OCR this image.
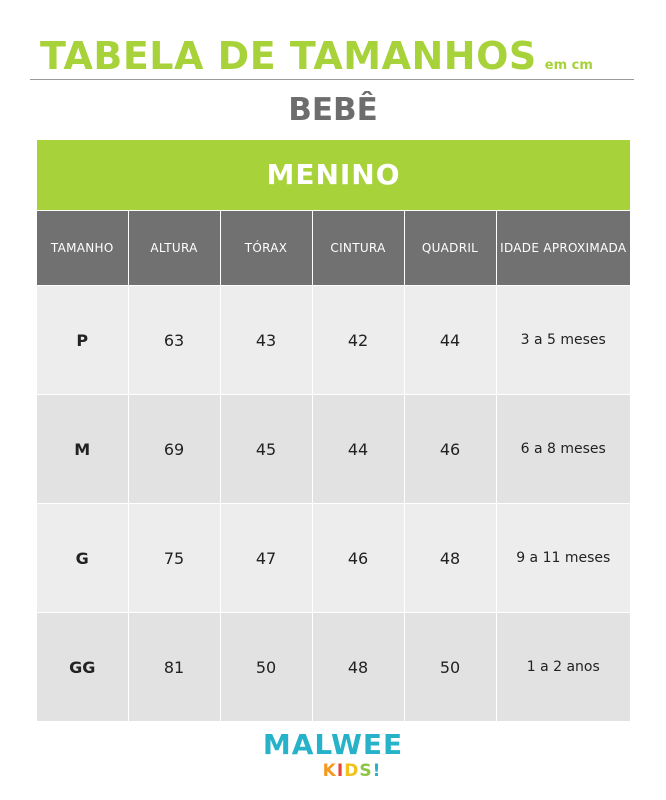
TABELA DE TAMANHOS em cm
BEBÊ
MENINO
TAMANHO	ALTURA	TÓRAX	CINTURA	QUADRIL	IDADE APROXIMADA
P	63	43	42	44	3 a 5 meses
M	69	45	44	46	6 a 8 meses
G	75	47	46	48	9 a 11 meses
GG	81	50	48	50	1 a 2 anos
MALWEE
KIDS!
